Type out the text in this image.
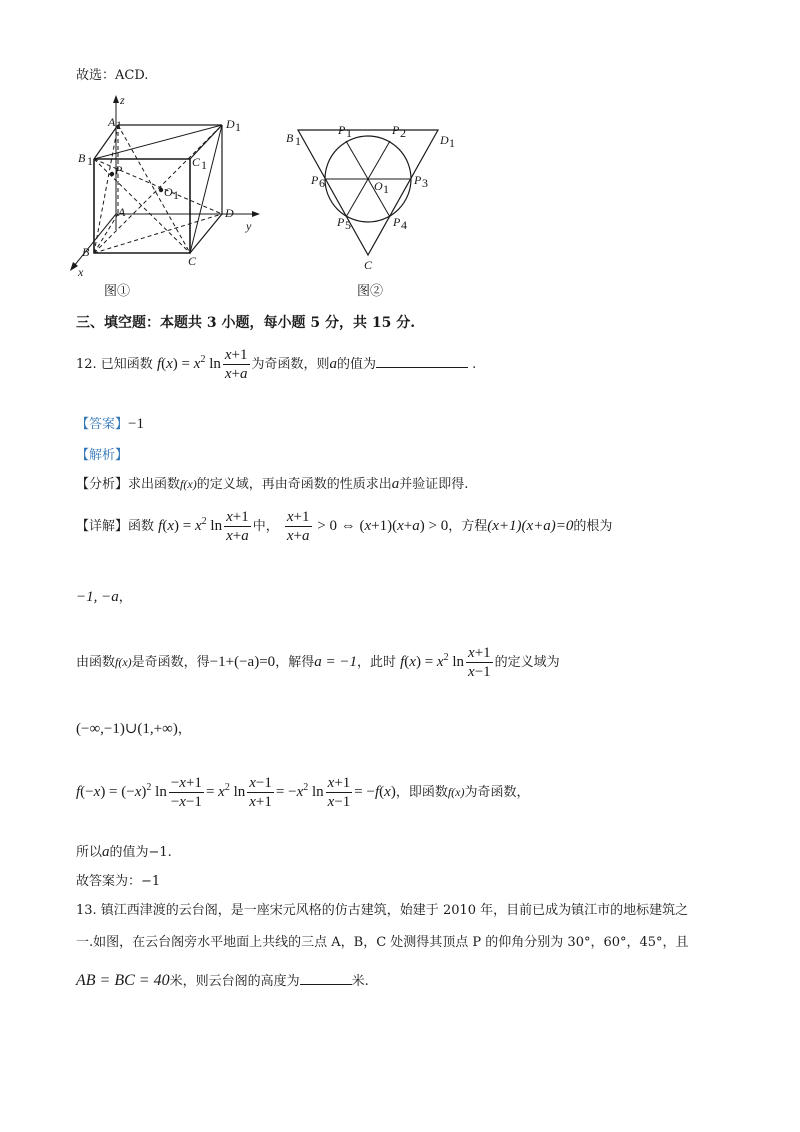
故选：ACD.
z
A 1	D 1
B 1	C 1
P
O 1
A	D
y
B
C
x
图①
B 1	D 1
P 1	P 2
P 3
P 4
P 5
P 6	O 1
C
图②
三、填空题：本题共 3 小题，每小题 5 分，共 15 分.
12. 已知函数 $f(x) = x^2$ $\ln \frac{x+1}{x+a}$ 为奇函数，则a的值为	.
【答案】−1
【解析】
【分析】求出函数f(x)的定义域，再由奇函数的性质求出a并验证即得.
【详解】函数 $f(x) = x^2$ $\ln \frac{x+1}{x+a}$ 中， $\frac{x+1}{x+a} > 0$ ⇔ (x+1)(x+a) > 0，方程(x+1)(x+a)=0的根为
−1, −a，
由函数f(x)是奇函数，得−1+(−a)=0，解得a = −1，此时 $f(x) = x^2$ $\ln \frac{x+1}{x-1}$ 的定义域为
(−∞,−1)∪(1,+∞)，
$f(-x) = (-x)^2$ $\ln \frac{-x+1}{-x-1} = x^2$ $\ln \frac{x-1}{x+1} = -x^2$ $\ln \frac{x+1}{x-1} = -f(x)$，即函数f(x)为奇函数，
所以a的值为−1.
故答案为：−1
13. 镇江西津渡的云台阁，是一座宋元风格的仿古建筑，始建于 2010 年，目前已成为镇江市的地标建筑之
一.如图，在云台阁旁水平地面上共线的三点 A，B，C 处测得其顶点 P 的仰角分别为 30°，60°，45°，且
AB = BC = 40米，则云台阁的高度为	米.
